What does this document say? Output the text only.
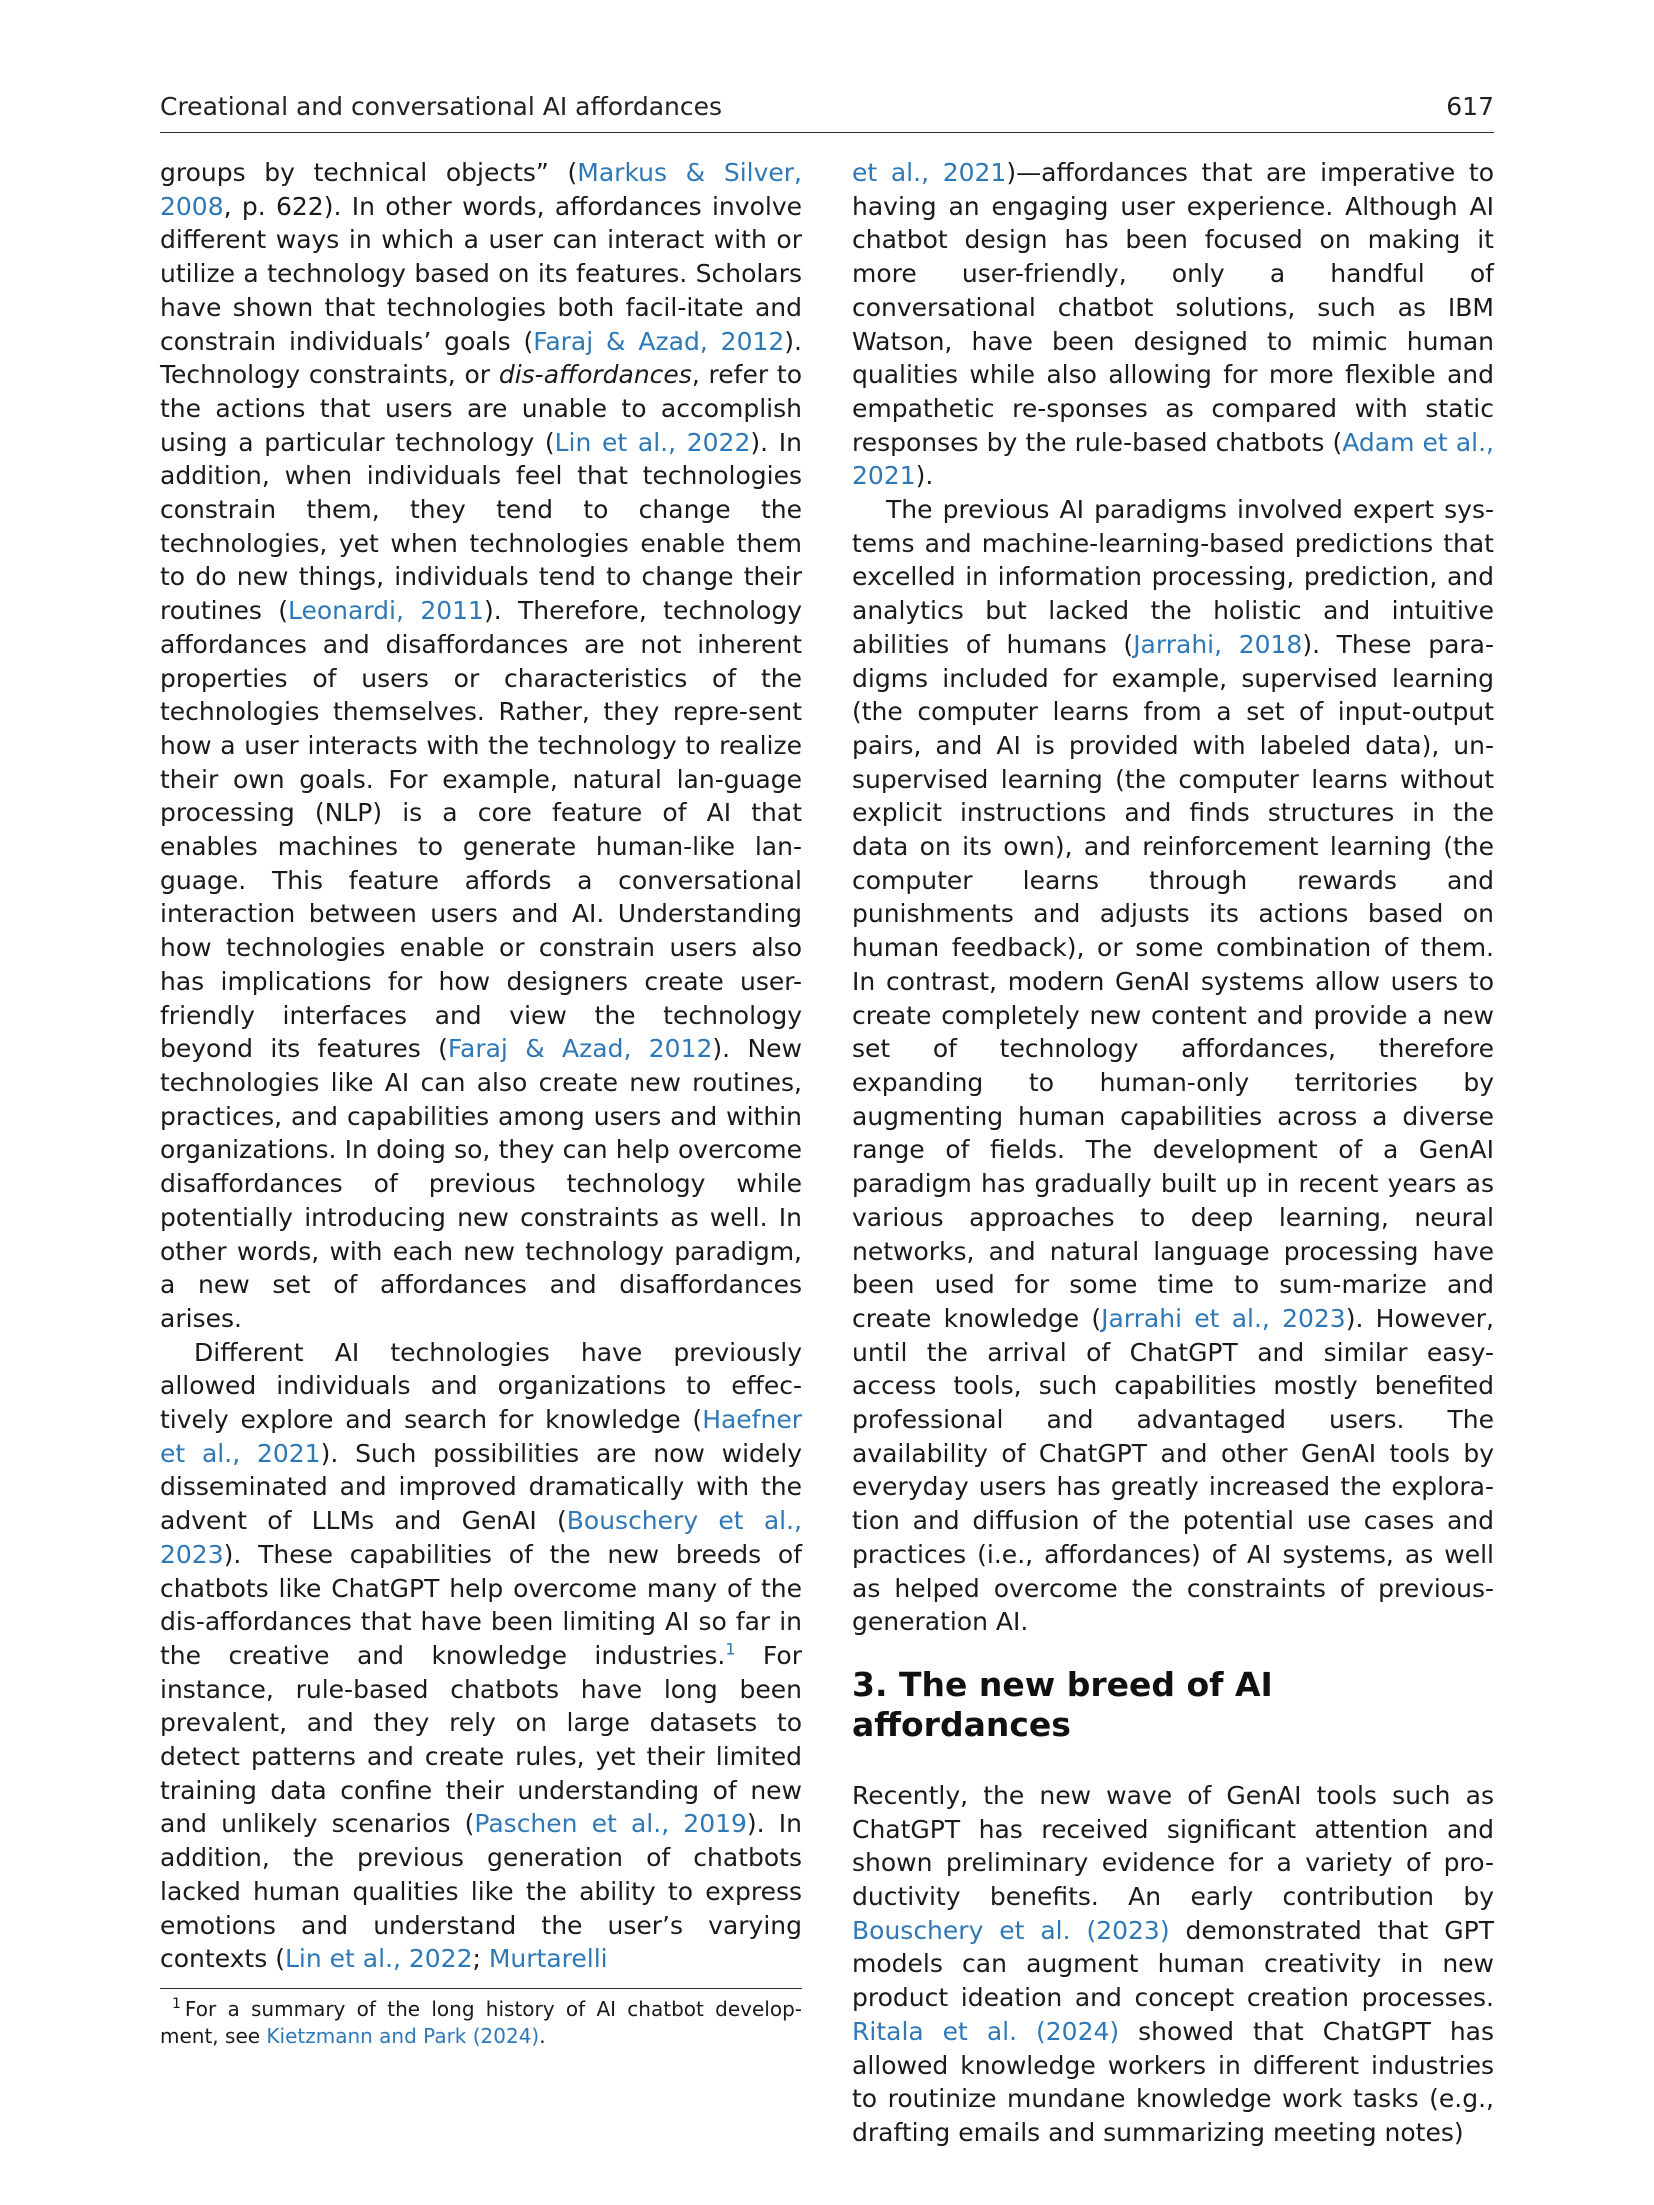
Creational and conversational AI affordances	617

groups by technical objects” (Markus & Silver, 2008, p. 622). In other words, affordances involve different ways in which a user can interact with or utilize a technology based on its features. Scholars have shown that technologies both facil-itate and constrain individuals’ goals (Faraj & Azad, 2012). Technology constraints, or dis-affordances, refer to the actions that users are unable to accomplish using a particular technology (Lin et al., 2022). In addition, when individuals feel that technologies constrain them, they tend to change the technologies, yet when technologies enable them to do new things, individuals tend to change their routines (Leonardi, 2011). Therefore, technology affordances and disaffordances are not inherent properties of users or characteristics of the technologies themselves. Rather, they repre-sent how a user interacts with the technology to realize their own goals. For example, natural lan-guage processing (NLP) is a core feature of AI that enables machines to generate human-like lan-guage. This feature affords a conversational interaction between users and AI. Understanding how technologies enable or constrain users also has implications for how designers create user-friendly interfaces and view the technology beyond its features (Faraj & Azad, 2012). New technologies like AI can also create new routines, practices, and capabilities among users and within organizations. In doing so, they can help overcome disaffordances of previous technology while potentially introducing new constraints as well. In other words, with each new technology paradigm, a new set of affordances and disaffordances arises.

Different AI technologies have previously allowed individuals and organizations to effec-tively explore and search for knowledge (Haefner et al., 2021). Such possibilities are now widely disseminated and improved dramatically with the advent of LLMs and GenAI (Bouschery et al., 2023). These capabilities of the new breeds of chatbots like ChatGPT help overcome many of the dis-affordances that have been limiting AI so far in the creative and knowledge industries.$^1$ For instance, rule-based chatbots have long been prevalent, and they rely on large datasets to detect patterns and create rules, yet their limited training data confine their understanding of new and unlikely scenarios (Paschen et al., 2019). In addition, the previous generation of chatbots lacked human qualities like the ability to express emotions and understand the user’s varying contexts (Lin et al., 2022; Murtarelli

$^1$ For a summary of the long history of AI chatbot develop-ment, see Kietzmann and Park (2024).

et al., 2021)—affordances that are imperative to having an engaging user experience. Although AI chatbot design has been focused on making it more user-friendly, only a handful of conversational chatbot solutions, such as IBM Watson, have been designed to mimic human qualities while also allowing for more flexible and empathetic re-sponses as compared with static responses by the rule-based chatbots (Adam et al., 2021).

The previous AI paradigms involved expert sys-tems and machine-learning-based predictions that excelled in information processing, prediction, and analytics but lacked the holistic and intuitive abilities of humans (Jarrahi, 2018). These para-digms included for example, supervised learning (the computer learns from a set of input-output pairs, and AI is provided with labeled data), un-supervised learning (the computer learns without explicit instructions and finds structures in the data on its own), and reinforcement learning (the computer learns through rewards and punishments and adjusts its actions based on human feedback), or some combination of them. In contrast, modern GenAI systems allow users to create completely new content and provide a new set of technology affordances, therefore expanding to human-only territories by augmenting human capabilities across a diverse range of fields. The development of a GenAI paradigm has gradually built up in recent years as various approaches to deep learning, neural networks, and natural language processing have been used for some time to sum-marize and create knowledge (Jarrahi et al., 2023). However, until the arrival of ChatGPT and similar easy-access tools, such capabilities mostly benefited professional and advantaged users. The availability of ChatGPT and other GenAI tools by everyday users has greatly increased the explora-tion and diffusion of the potential use cases and practices (i.e., affordances) of AI systems, as well as helped overcome the constraints of previous-generation AI.

3. The new breed of AI affordances

Recently, the new wave of GenAI tools such as ChatGPT has received significant attention and shown preliminary evidence for a variety of pro-ductivity benefits. An early contribution by Bouschery et al. (2023) demonstrated that GPT models can augment human creativity in new product ideation and concept creation processes. Ritala et al. (2024) showed that ChatGPT has allowed knowledge workers in different industries to routinize mundane knowledge work tasks (e.g., drafting emails and summarizing meeting notes)
